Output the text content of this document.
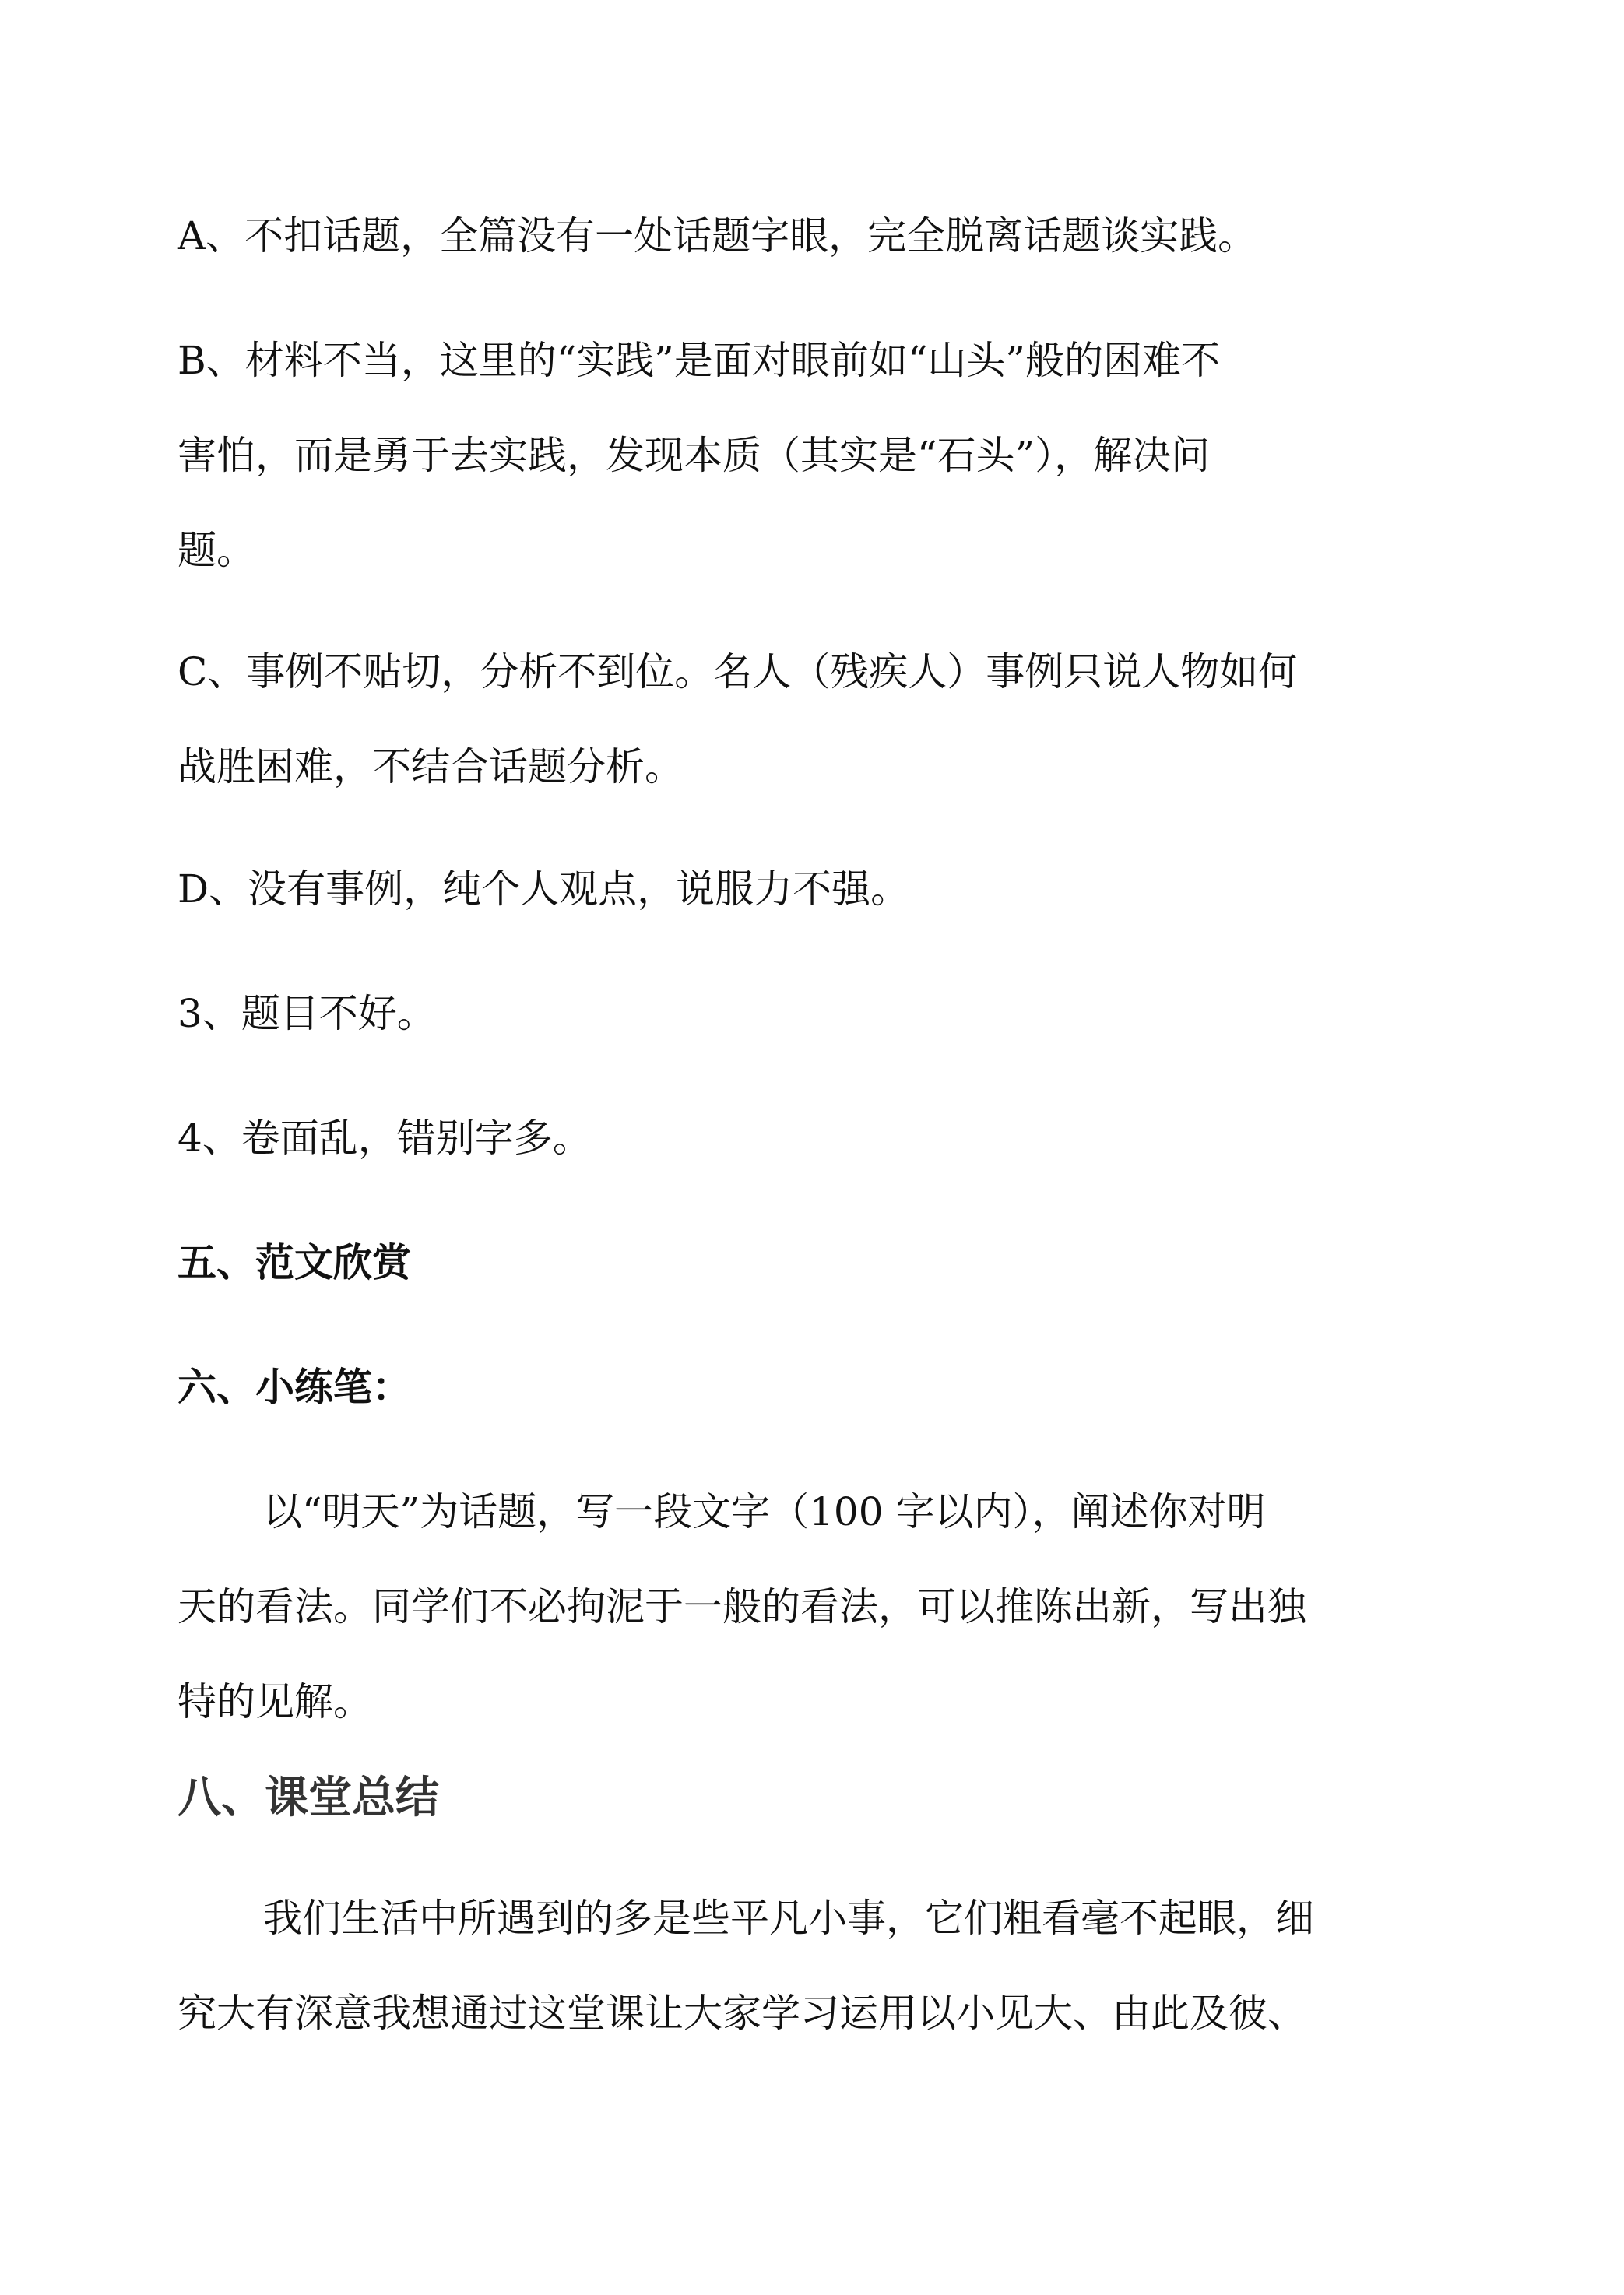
A、不扣话题，全篇没有一处话题字眼，完全脱离话题谈实践。

B、材料不当，这里的“实践”是面对眼前如“山头”般的困难不
害怕，而是勇于去实践，发现本质（其实是“石头”），解决问
题。
C、事例不贴切，分析不到位。名人（残疾人）事例只说人物如何
战胜困难，不结合话题分析。

D、没有事例，纯个人观点，说服力不强。

3、题目不好。

4、卷面乱，错别字多。

五、范文欣赏

六、小练笔：

以“明天”为话题，写一段文字（100 字以内），阐述你对明
天的看法。同学们不必拘泥于一般的看法，可以推陈出新，写出独
特的见解。
八、课堂总结
我们生活中所遇到的多是些平凡小事，它们粗看毫不起眼，细
究大有深意我想通过这堂课让大家学习运用以小见大、由此及彼、
